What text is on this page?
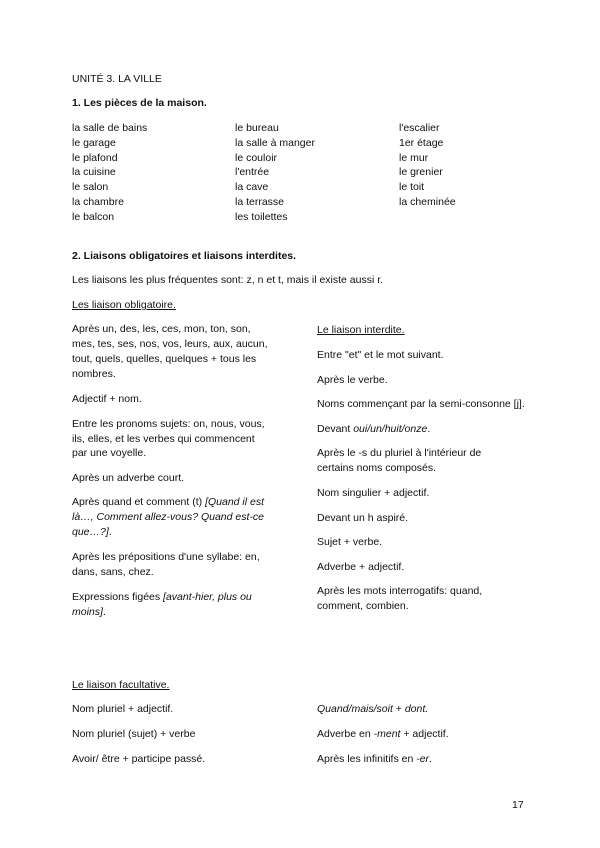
UNITÉ 3. LA VILLE
1. Les pièces de la maison.
la salle de bains
le garage
le plafond
la cuisine
le salon
la chambre
le balcon
le bureau
la salle à manger
le couloir
l'entrée
la cave
la terrasse
les toilettes
l'escalier
1er étage
le mur
le grenier
le toit
la cheminée
2. Liaisons obligatoires et liaisons interdites.
Les liaisons les plus fréquentes sont: z, n et t, mais il existe aussi r.
Les liaison obligatoire.
Après un, des, les, ces, mon, ton, son,
mes, tes, ses, nos, vos, leurs, aux, aucun,
tout, quels, quelles, quelques + tous les
nombres.
Adjectif + nom.
Entre les pronoms sujets: on, nous, vous,
ils, elles, et les verbes qui commencent
par une voyelle.
Après un adverbe court.
Après quand et comment (t) [Quand il est
là…, Comment allez-vous? Quand est-ce
que…?].
Après les prépositions d'une syllabe: en,
dans, sans, chez.
Expressions figées [avant-hier, plus ou
moins].
Le liaison interdite.
Entre "et" et le mot suivant.
Après le verbe.
Noms commençant par la semi-consonne [j].
Devant oui/un/huit/onze.
Après le -s du pluriel à l'intérieur de
certains noms composés.
Nom singulier + adjectif.
Devant un h aspiré.
Sujet + verbe.
Adverbe + adjectif.
Après les mots interrogatifs: quand,
comment, combien.
Le liaison facultative.
Nom pluriel + adjectif.
Nom pluriel (sujet) + verbe
Avoir/ être + participe passé.
Quand/mais/soit + dont.
Adverbe en -ment + adjectif.
Après les infinitifs en -er.
17
